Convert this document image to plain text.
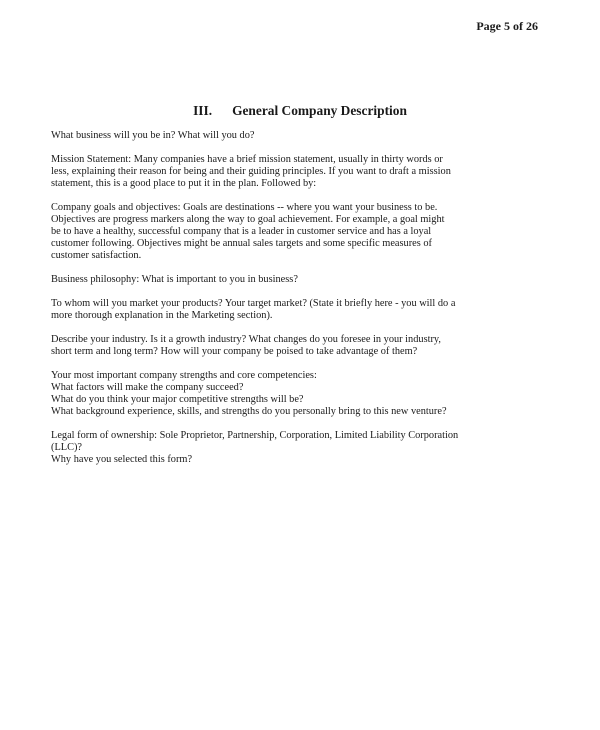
Page 5 of 26

III. General Company Description

What business will you be in? What will you do?

Mission Statement: Many companies have a brief mission statement, usually in thirty words or
less, explaining their reason for being and their guiding principles. If you want to draft a mission
statement, this is a good place to put it in the plan. Followed by:

Company goals and objectives: Goals are destinations -- where you want your business to be.
Objectives are progress markers along the way to goal achievement. For example, a goal might
be to have a healthy, successful company that is a leader in customer service and has a loyal
customer following. Objectives might be annual sales targets and some specific measures of
customer satisfaction.

Business philosophy: What is important to you in business?

To whom will you market your products? Your target market? (State it briefly here - you will do a
more thorough explanation in the Marketing section).

Describe your industry. Is it a growth industry? What changes do you foresee in your industry,
short term and long term? How will your company be poised to take advantage of them?

Your most important company strengths and core competencies:
What factors will make the company succeed?
What do you think your major competitive strengths will be?
What background experience, skills, and strengths do you personally bring to this new venture?

Legal form of ownership: Sole Proprietor, Partnership, Corporation, Limited Liability Corporation
(LLC)?
Why have you selected this form?
